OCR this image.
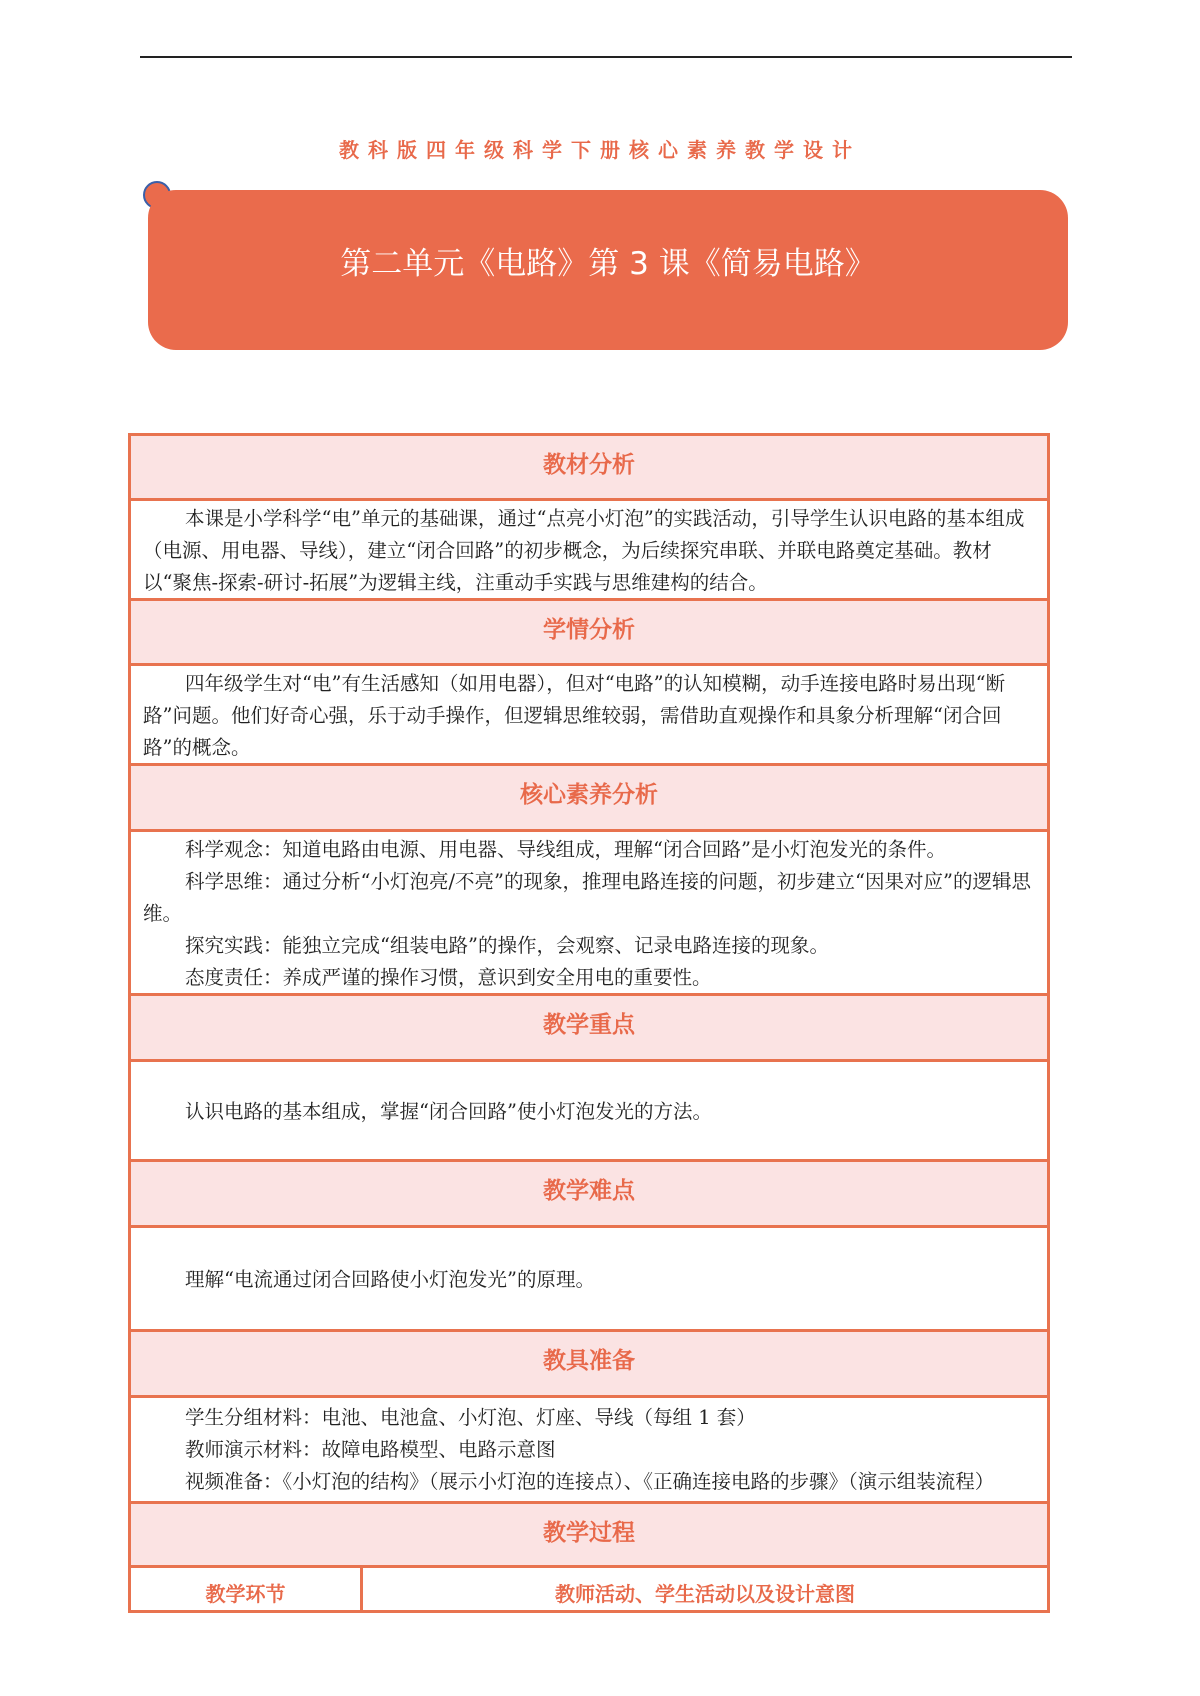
教科版四年级科学下册核心素养教学设计
第二单元《电路》第 3 课《简易电路》
教材分析

本课是小学科学“电”单元的基础课，通过“点亮小灯泡”的实践活动，引导学生认识电路的基本组成（电源、用电器、导线），建立“闭合回路”的初步概念，为后续探究串联、并联电路奠定基础。教材以“聚焦-探索-研讨-拓展”为逻辑主线，注重动手实践与思维建构的结合。

学情分析

四年级学生对“电”有生活感知（如用电器），但对“电路”的认知模糊，动手连接电路时易出现“断路”问题。他们好奇心强，乐于动手操作，但逻辑思维较弱，需借助直观操作和具象分析理解“闭合回路”的概念。

核心素养分析

科学观念：知道电路由电源、用电器、导线组成，理解“闭合回路”是小灯泡发光的条件。

科学思维：通过分析“小灯泡亮/不亮”的现象，推理电路连接的问题，初步建立“因果对应”的逻辑思维。

探究实践：能独立完成“组装电路”的操作，会观察、记录电路连接的现象。

态度责任：养成严谨的操作习惯，意识到安全用电的重要性。

教学重点

认识电路的基本组成，掌握“闭合回路”使小灯泡发光的方法。

教学难点

理解“电流通过闭合回路使小灯泡发光”的原理。

教具准备

学生分组材料：电池、电池盒、小灯泡、灯座、导线（每组 1 套）

教师演示材料：故障电路模型、电路示意图

视频准备：《小灯泡的结构》（展示小灯泡的连接点）、《正确连接电路的步骤》（演示组装流程）

教学过程
教学环节	教师活动、学生活动以及设计意图
